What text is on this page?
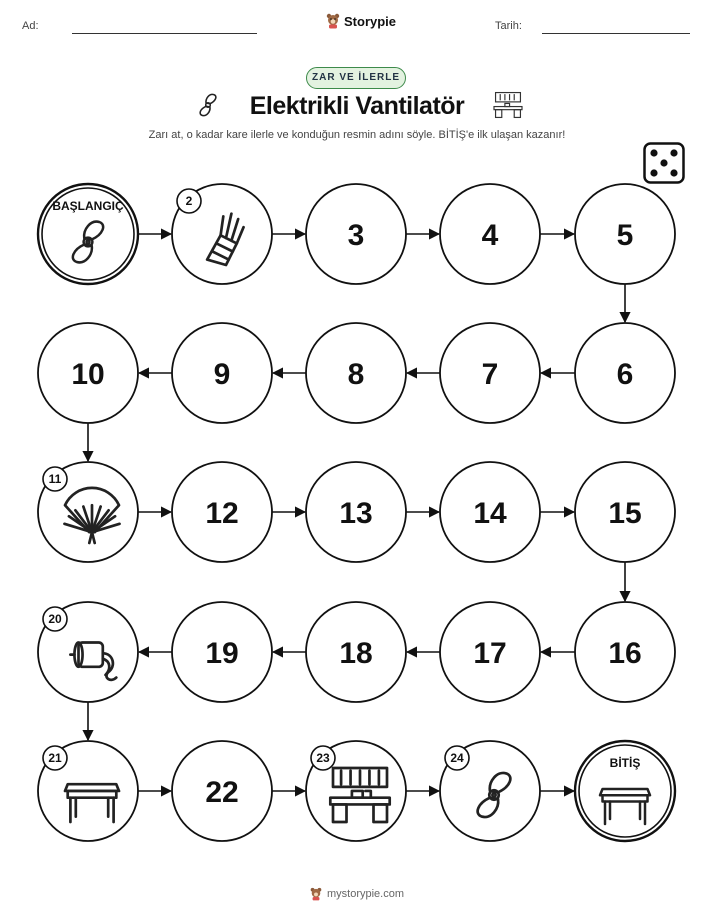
Ad:	Storypie	Tarih:
ZAR VE İLERLE
Elektrikli Vantilatör
Zarı at, o kadar kare ilerle ve konduğun resmin adını söyle. BİTİŞ'e ilk ulaşan kazanır!
BAŞLANGIÇ	2
3	4	5
6
7
8
9
10
11
12	13	14	15
16
17
18
19
20
21
22
23	24	BİTİŞ
mystorypie.com
